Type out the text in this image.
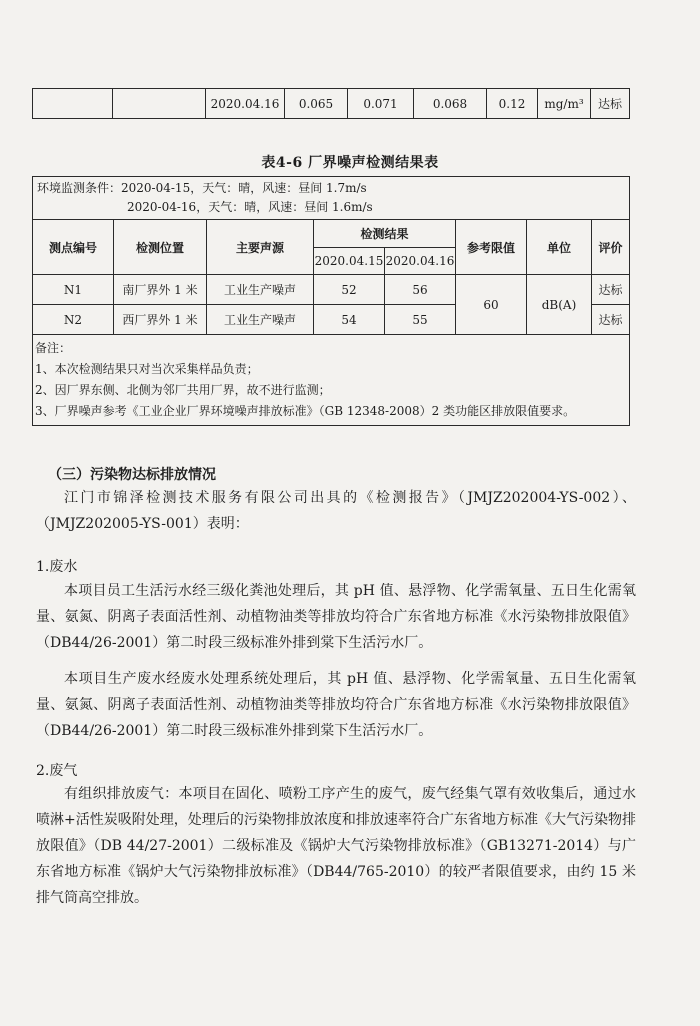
		2020.04.16	0.065	0.071	0.068	0.12	mg/m³	达标
表4-6 厂界噪声检测结果表
环境监测条件：2020-04-15，天气：晴，风速：昼间 1.7m/s
2020-04-16，天气：晴，风速：昼间 1.6m/s							

测点编号	检测位置	主要声源	检测结果		参考限值	单位	评价
			2020.04.15	2020.04.16			
N1	南厂界外 1 米	工业生产噪声	52	56	60	dB(A)	达标
N2	西厂界外 1 米	工业生产噪声	54	55			达标

备注：
1、本次检测结果只对当次采集样品负责；
2、因厂界东侧、北侧为邻厂共用厂界，故不进行监测；
3、厂界噪声参考《工业企业厂界环境噪声排放标准》（GB 12348-2008）2 类功能区排放限值要求。							
（三）污染物达标排放情况
江门市锦泽检测技术服务有限公司出具的《检测报告》（JMJZ202004-YS-002）、（JMJZ202005-YS-001）表明：
1.废水
本项目员工生活污水经三级化粪池处理后，其 pH 值、悬浮物、化学需氧量、五日生化需氧量、氨氮、阴离子表面活性剂、动植物油类等排放均符合广东省地方标准《水污染物排放限值》（DB44/26-2001）第二时段三级标准外排到棠下生活污水厂。
本项目生产废水经废水处理系统处理后，其 pH 值、悬浮物、化学需氧量、五日生化需氧量、氨氮、阴离子表面活性剂、动植物油类等排放均符合广东省地方标准《水污染物排放限值》（DB44/26-2001）第二时段三级标准外排到棠下生活污水厂。
2.废气
有组织排放废气：本项目在固化、喷粉工序产生的废气，废气经集气罩有效收集后，通过水喷淋+活性炭吸附处理，处理后的污染物排放浓度和排放速率符合广东省地方标准《大气污染物排放限值》（DB 44/27-2001）二级标准及《锅炉大气污染物排放标准》（GB13271-2014）与广东省地方标准《锅炉大气污染物排放标准》（DB44/765-2010）的较严者限值要求，由约 15 米排气筒高空排放。
